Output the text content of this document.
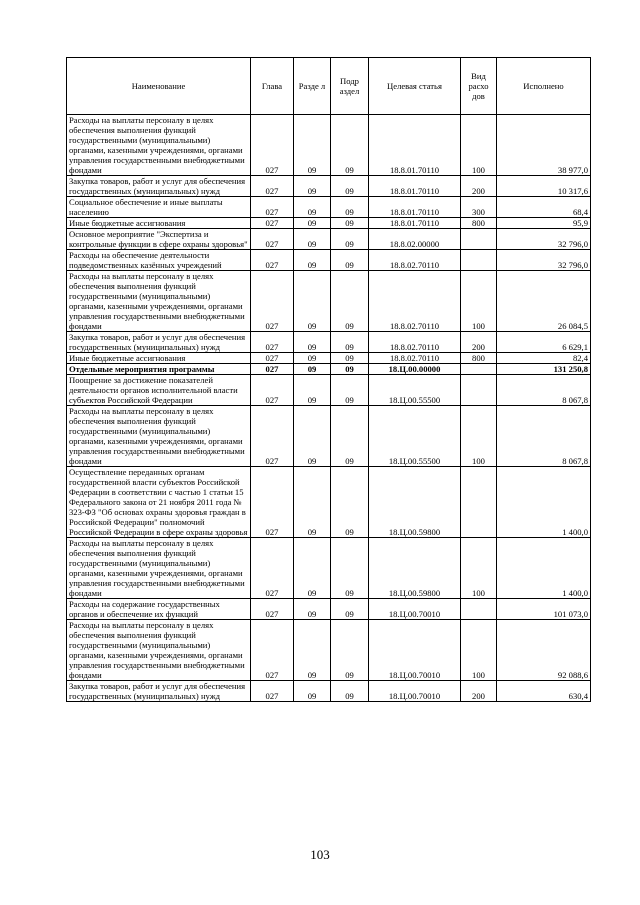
Наименование	Глава	Разде л	Подр аздел	Целевая статья	Вид расхо дов	Исполнено
Расходы на выплаты персоналу в целях обеспечения выполнения функций государственными (муниципальными) органами, казенными учреждениями, органами управления государственными внебюджетными фондами	027	09	09	18.8.01.70110	100	38 977,0
Закупка товаров, работ и услуг для обеспечения государственных (муниципальных) нужд	027	09	09	18.8.01.70110	200	10 317,6
Социальное обеспечение и иные выплаты населению	027	09	09	18.8.01.70110	300	68,4
Иные бюджетные ассигнования	027	09	09	18.8.01.70110	800	95,9
Основное мероприятие "Экспертиза и контрольные функции в сфере охраны здоровья"	027	09	09	18.8.02.00000		32 796,0
Расходы на обеспечение деятельности подведомственных казённых учреждений	027	09	09	18.8.02.70110		32 796,0
Расходы на выплаты персоналу в целях обеспечения выполнения функций государственными (муниципальными) органами, казенными учреждениями, органами управления государственными внебюджетными фондами	027	09	09	18.8.02.70110	100	26 084,5
Закупка товаров, работ и услуг для обеспечения государственных (муниципальных) нужд	027	09	09	18.8.02.70110	200	6 629,1
Иные бюджетные ассигнования	027	09	09	18.8.02.70110	800	82,4
Отдельные мероприятия программы	027	09	09	18.Ц.00.00000		131 250,8
Поощрение за достижение показателей деятельности органов исполнительной власти субъектов Российской Федерации	027	09	09	18.Ц.00.55500		8 067,8
Расходы на выплаты персоналу в целях обеспечения выполнения функций государственными (муниципальными) органами, казенными учреждениями, органами управления государственными внебюджетными фондами	027	09	09	18.Ц.00.55500	100	8 067,8
Осуществление переданных органам государственной власти субъектов Российской Федерации в соответствии с частью 1 статьи 15 Федерального закона от 21 ноября 2011 года № 323-ФЗ "Об основах охраны здоровья граждан в Российской Федерации" полномочий Российской Федерации в сфере охраны здоровья	027	09	09	18.Ц.00.59800		1 400,0
Расходы на выплаты персоналу в целях обеспечения выполнения функций государственными (муниципальными) органами, казенными учреждениями, органами управления государственными внебюджетными фондами	027	09	09	18.Ц.00.59800	100	1 400,0
Расходы на содержание государственных органов и обеспечение их функций	027	09	09	18.Ц.00.70010		101 073,0
Расходы на выплаты персоналу в целях обеспечения выполнения функций государственными (муниципальными) органами, казенными учреждениями, органами управления государственными внебюджетными фондами	027	09	09	18.Ц.00.70010	100	92 088,6
Закупка товаров, работ и услуг для обеспечения государственных (муниципальных) нужд	027	09	09	18.Ц.00.70010	200	630,4
103
